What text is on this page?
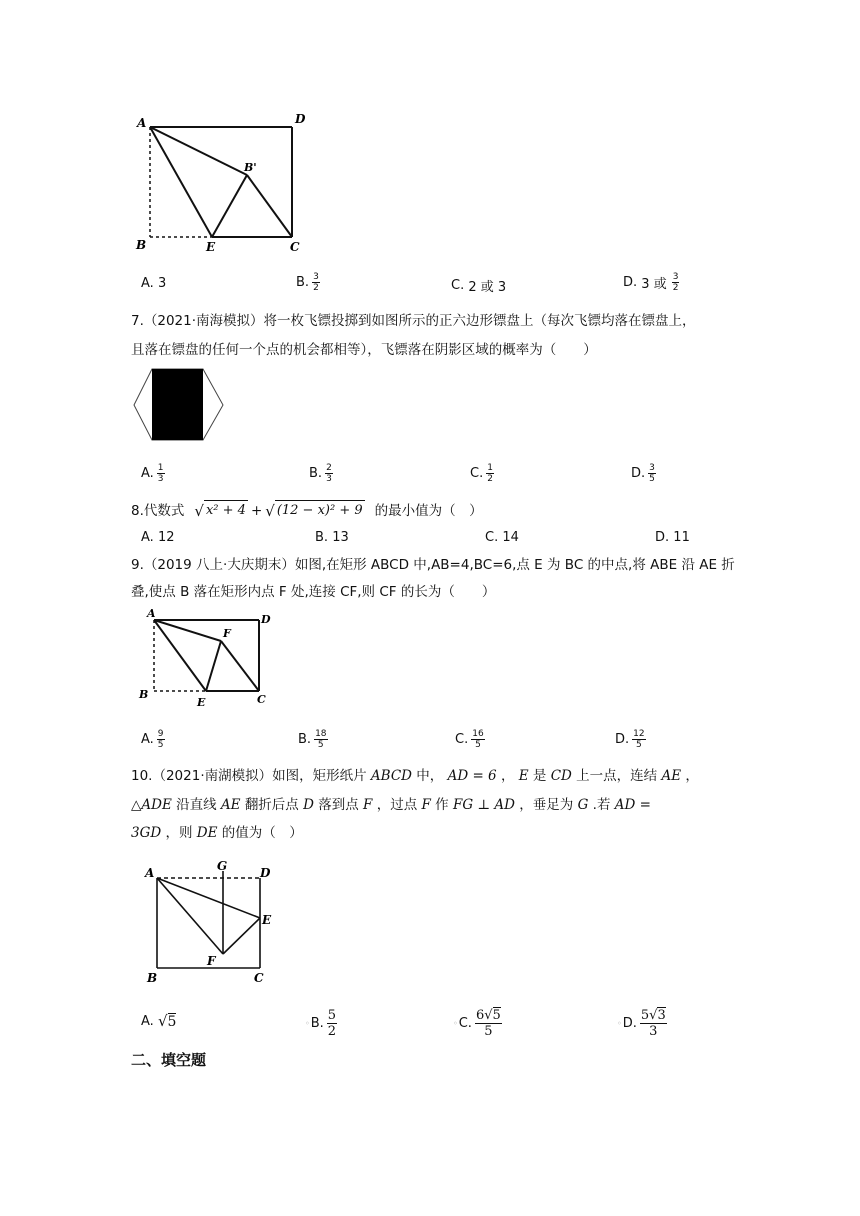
A	D
B'
B	E	C
A.
3	B. $\frac{3}{2}$	C.
2 或 3	D.
3 或 $\frac{3}{2}$
7.（2021·南海模拟）将一枚飞镖投掷到如图所示的正六边形镖盘上（每次飞镖均落在镖盘上，
且落在镖盘的任何一个点的机会都相等），飞镖落在阴影区域的概率为（　　）
A. $\frac{1}{3}$	B. $\frac{2}{3}$	C. $\frac{1}{2}$	D. $\frac{3}{5}$
8.代数式 √ x² + 4 + √ (12 − x)² + 9 的最小值为（　）
A.
12	B.
13	C.
14	D.
11
9.（2019 八上·大庆期末）如图,在矩形 ABCD 中,AB=4,BC=6,点 E 为 BC 的中点,将 ABE 沿 AE 折
叠,使点 B 落在矩形内点 F 处,连接 CF,则 CF 的长为（　　）
A	D
F
B
E	C
A. $\frac{9}{5}$	B. $\frac{18}{5}$	C. $\frac{16}{5}$	D. $\frac{12}{5}$
10.（2021·南湖模拟）如图，矩形纸片 ABCD 中， AD = 6 ， E 是 CD 上一点，连结 AE ，
△ADE 沿直线 AE 翻折后点 D 落到点 F ，过点 F 作 FG ⊥ AD ，垂足为 G .若 AD =
3GD ，则 DE 的值为（　）
A	G	D
E
F
B	C
A.
√ 5	◦ B. $\frac{5}{2}$	◦ C. $\frac{6√5}{5}$	◦ D. $\frac{5√3}{3}$
二、填空题
